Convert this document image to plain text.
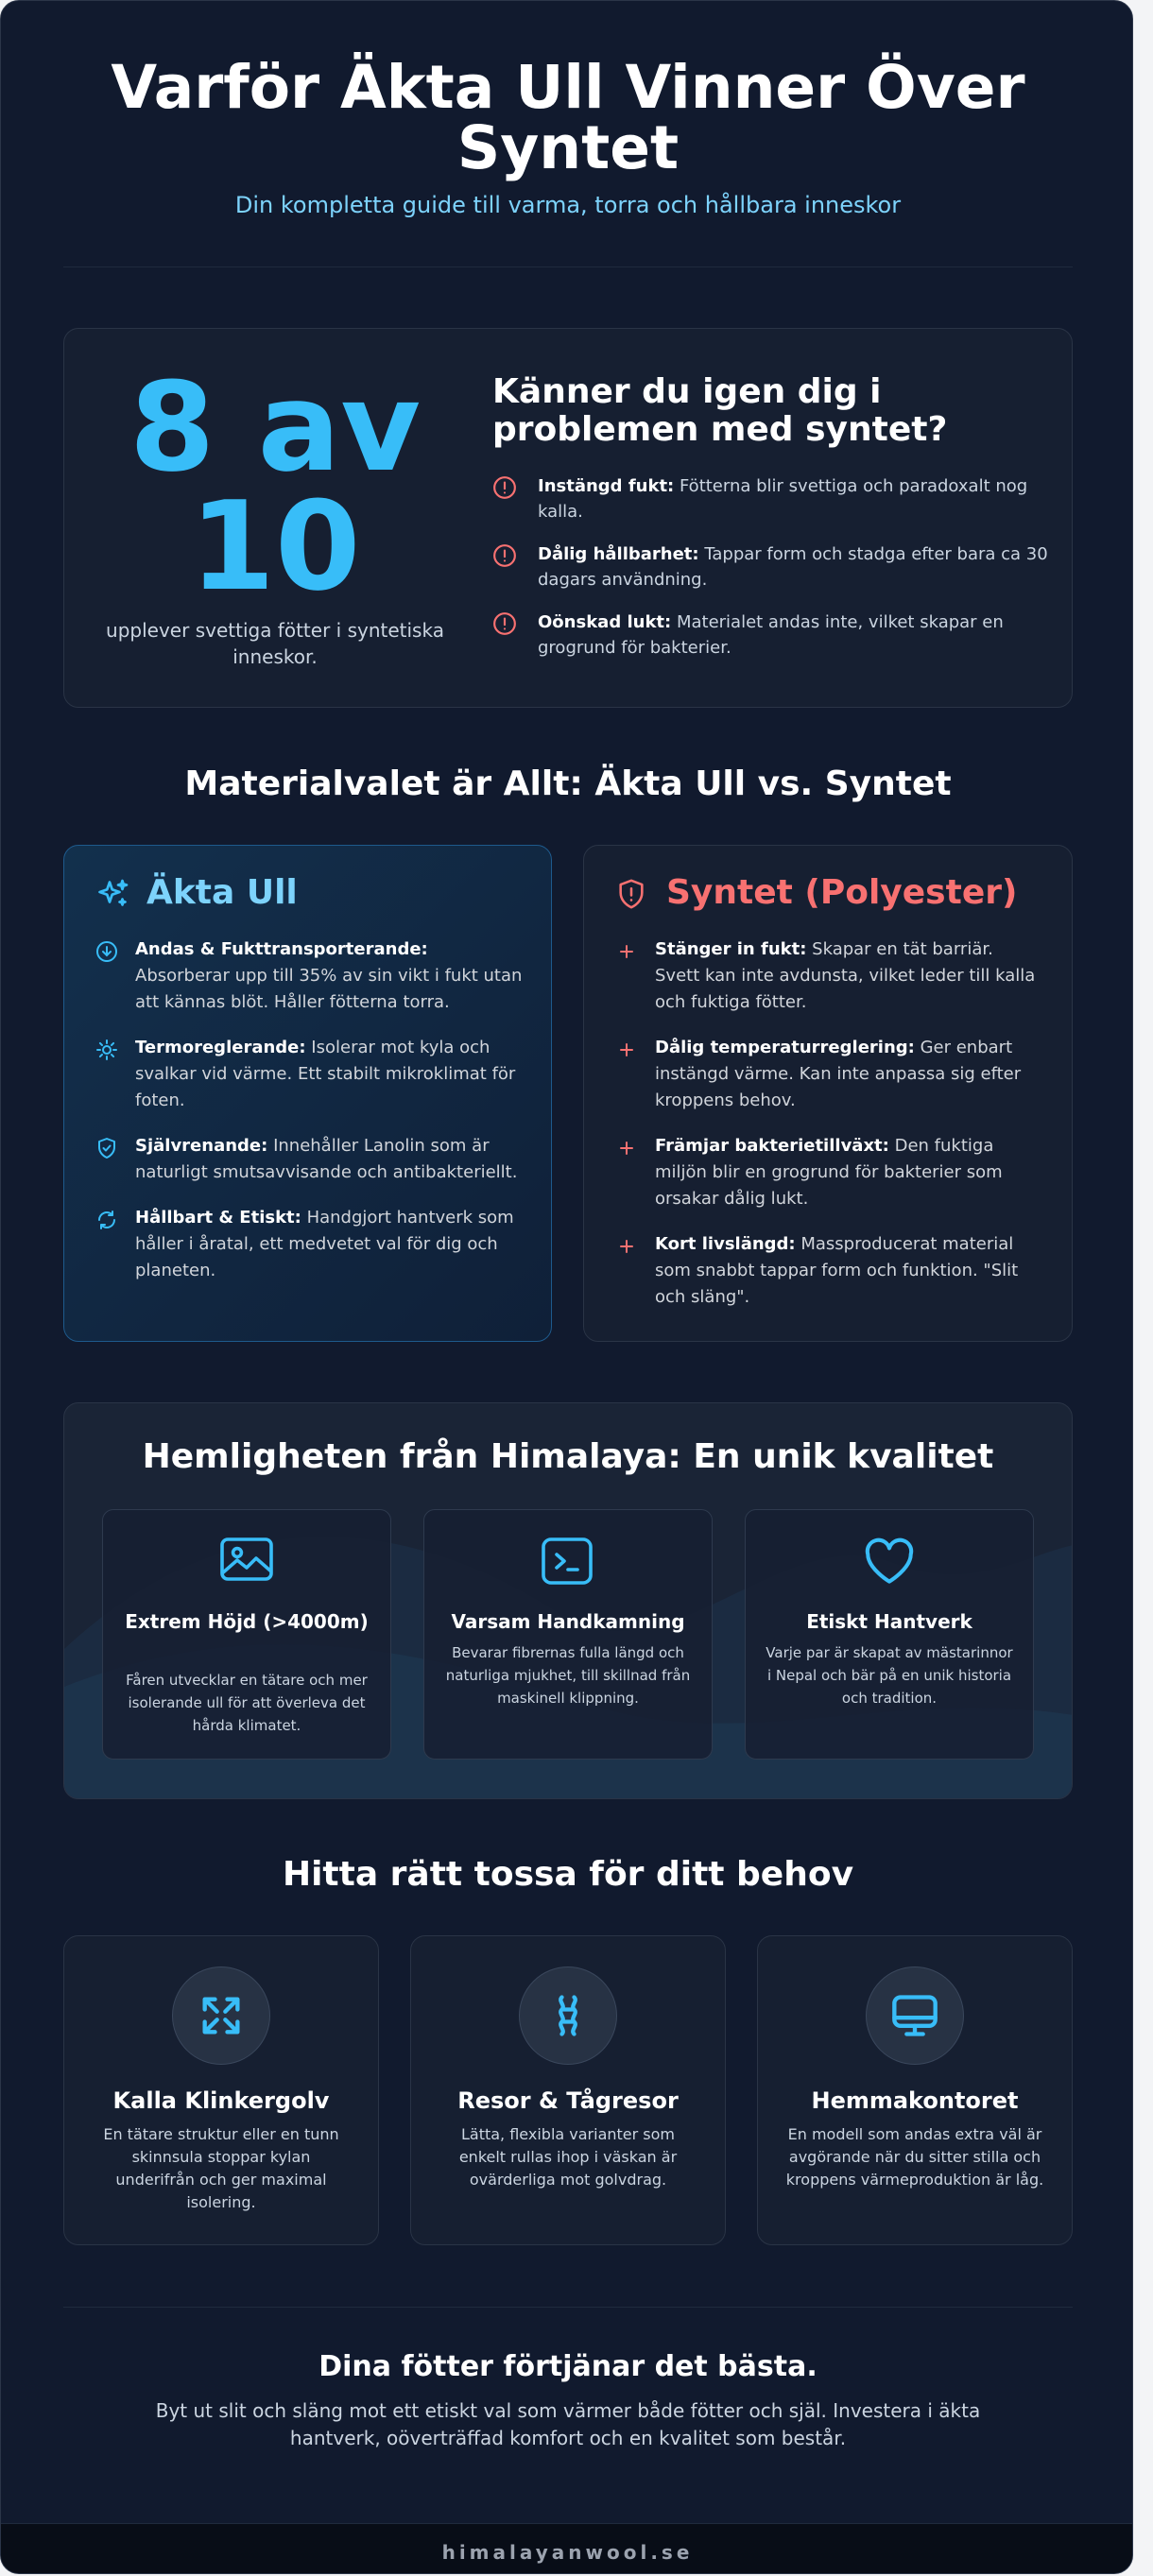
Varför Äkta Ull Vinner Över Syntet
Din kompletta guide till varma, torra och hållbara inneskor
8 av 10
upplever svettiga fötter i syntetiska inneskor.
Känner du igen dig i problemen med syntet?
Instängd fukt: Fötterna blir svettiga och paradoxalt nog kalla.
Dålig hållbarhet: Tappar form och stadga efter bara ca 30 dagars användning.
Oönskad lukt: Materialet andas inte, vilket skapar en grogrund för bakterier.
Materialvalet är Allt: Äkta Ull vs. Syntet
Äkta Ull
Andas & Fukttransporterande: Absorberar upp till 35% av sin vikt i fukt utan att kännas blöt. Håller fötterna torra.
Termoreglerande: Isolerar mot kyla och svalkar vid värme. Ett stabilt mikroklimat för foten.
Självrenande: Innehåller Lanolin som är naturligt smutsavvisande och antibakteriellt.
Hållbart & Etiskt: Handgjort hantverk som håller i åratal, ett medvetet val för dig och planeten.
Syntet (Polyester)
Stänger in fukt: Skapar en tät barriär. Svett kan inte avdunsta, vilket leder till kalla och fuktiga fötter.
Dålig temperaturreglering: Ger enbart instängd värme. Kan inte anpassa sig efter kroppens behov.
Främjar bakterietillväxt: Den fuktiga miljön blir en grogrund för bakterier som orsakar dålig lukt.
Kort livslängd: Massproducerat material som snabbt tappar form och funktion. "Slit och släng".
Hemligheten från Himalaya: En unik kvalitet
Extrem Höjd (>4000m)
Fåren utvecklar en tätare och mer isolerande ull för att överleva det hårda klimatet.
Varsam Handkamning
Bevarar fibrernas fulla längd och naturliga mjukhet, till skillnad från maskinell klippning.
Etiskt Hantverk
Varje par är skapat av mästarinnor i Nepal och bär på en unik historia och tradition.
Hitta rätt tossa för ditt behov
Kalla Klinkergolv
En tätare struktur eller en tunn skinnsula stoppar kylan underifrån och ger maximal isolering.
Resor & Tågresor
Lätta, flexibla varianter som enkelt rullas ihop i väskan är ovärderliga mot golvdrag.
Hemmakontoret
En modell som andas extra väl är avgörande när du sitter stilla och kroppens värmeproduktion är låg.
Dina fötter förtjänar det bästa.
Byt ut slit och släng mot ett etiskt val som värmer både fötter och själ. Investera i äkta hantverk, oöverträffad komfort och en kvalitet som består.
himalayanwool.se
